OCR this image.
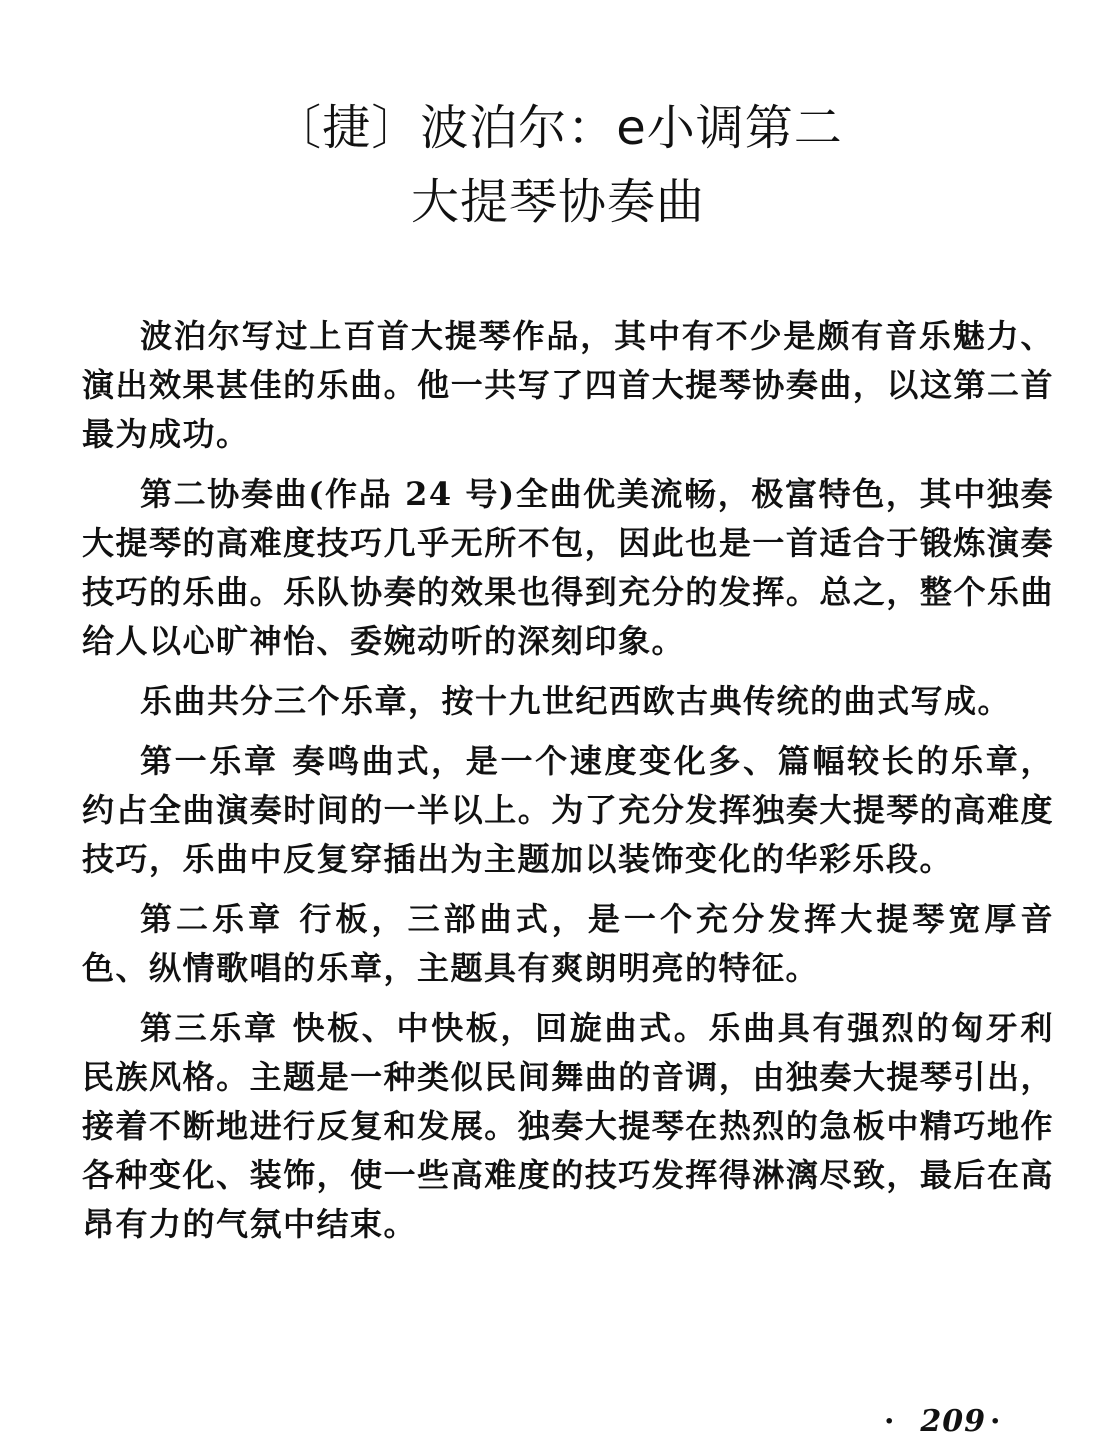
〔捷〕波泊尔：e小调第二
大提琴协奏曲

波泊尔写过上百首大提琴作品，其中有不少是颇有音乐魅力、演出效果甚佳的乐曲。他一共写了四首大提琴协奏曲，以这第二首最为成功。

第二协奏曲(作品 24 号)全曲优美流畅，极富特色，其中独奏大提琴的高难度技巧几乎无所不包，因此也是一首适合于锻炼演奏技巧的乐曲。乐队协奏的效果也得到充分的发挥。总之，整个乐曲给人以心旷神怡、委婉动听的深刻印象。

乐曲共分三个乐章，按十九世纪西欧古典传统的曲式写成。

第一乐章 奏鸣曲式，是一个速度变化多、篇幅较长的乐章，约占全曲演奏时间的一半以上。为了充分发挥独奏大提琴的高难度技巧，乐曲中反复穿插出为主题加以装饰变化的华彩乐段。

第二乐章 行板，三部曲式，是一个充分发挥大提琴宽厚音色、纵情歌唱的乐章，主题具有爽朗明亮的特征。

第三乐章 快板、中快板，回旋曲式。乐曲具有强烈的匈牙利民族风格。主题是一种类似民间舞曲的音调，由独奏大提琴引出，接着不断地进行反复和发展。独奏大提琴在热烈的急板中精巧地作各种变化、装饰，使一些高难度的技巧发挥得淋漓尽致，最后在高昂有力的气氛中结束。

· 209 ·
